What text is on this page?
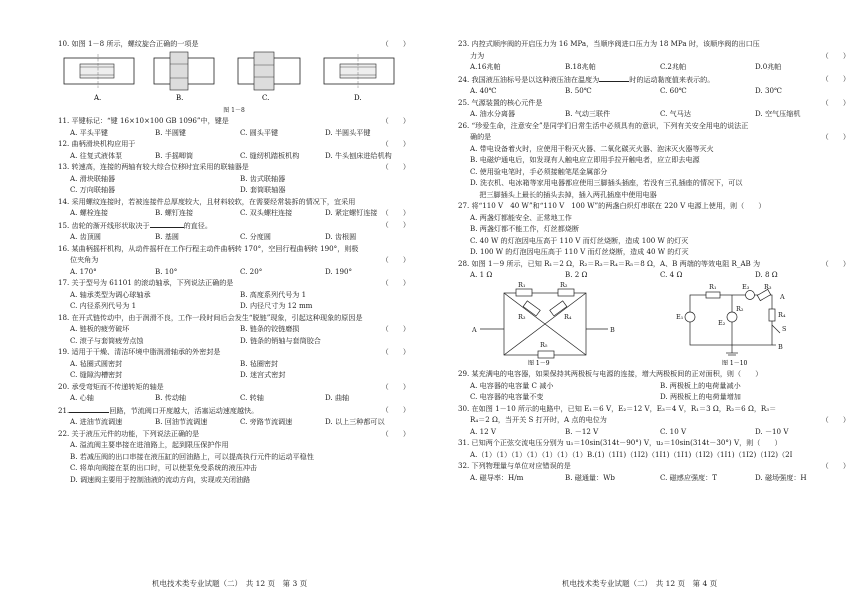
10. 如图 1－8 所示，螺纹旋合正确的一项是	（　　）
A.	B.	C.	D.
图 1－8
11. 平键标记：“键 16×10×100 GB 1096”中，键是	（　　）
A. 平头平键	B. 半圆键	C. 圆头平键	D. 半圆头平键
12. 曲柄滑块机构应用于	（　　）
A. 往复式液体泵	B. 手摇唧筒	C. 缝纫机踏板机构	D. 牛头刨床进给机构
13. 转速高，连接的两轴有较大综合位移时宜采用的联轴器是	（　　）
A. 滑块联轴器	B. 齿式联轴器
C. 万向联轴器	D. 套筒联轴器
14. 采用螺纹连接时，若被连接件总厚度较大，且材料较软，在需要经常装拆的情况下，宜采用
（　　）
A. 螺栓连接	B. 螺钉连接	C. 双头螺柱连接	D. 紧定螺钉连接
15. 齿轮的渐开线形状取决于	的直径。	（　　）
A. 齿顶圆	B. 基圆	C. 分度圆	D. 齿根圆
16. 某曲柄摇杆机构，从动件摇杆在工作行程主动件曲柄转 170°，空回行程曲柄转 190°，则极
位夹角为	（　　）
A. 170°	B. 10°	C. 20°	D. 190°
17. 关于型号为 61101 的滚动轴承，下列说法正确的是	（　　）
A. 轴承类型为调心球轴承	B. 高度系列代号为 1
C. 内径系列代号为 1	D. 内径尺寸为 12 mm
18. 在开式链传动中，由于润滑不良，工作一段时间后会发生“脱链”现象，引起这种现象的原因是
（　　）
A. 链板的疲劳破坏	B. 链条的铰链磨损
C. 滚子与套筒疲劳点蚀	D. 链条的销轴与套筒胶合
19. 适用于干燥、清洁环境中脂润滑轴承的外密封是	（　　）
A. 毡圈式圆密封	B. 毡圈密封
C. 缝隙沟槽密封	D. 迷宫式密封
20. 承受弯矩而不传递转矩的轴是	（　　）
A. 心轴	B. 传动轴	C. 转轴	D. 曲轴
21.	回路，节流阀口开度越大，活塞运动速度越快。	（　　）
A. 进油节流调速	B. 回油节流调速	C. 旁路节流调速	D. 以上三种都可以
22. 关于液压元件的功能，下列说法正确的是	（　　）
A. 溢流阀主要串接在进油路上，起到限压保护作用
B. 若减压阀的出口串接在液压缸的回油路上，可以提高执行元件的运动平稳性
C. 将单向阀接在泵的出口时，可以使泵免受系统的液压冲击
D. 调速阀主要用于控制油液的流动方向，实现或关闭油路
机电技术类专业试题（二）　共 12 页　第 3 页
23. 内控式顺序阀的开启压力为 16 MPa，当顺序阀进口压力为 18 MPa 时，该顺序阀的出口压
力为	（　　）
A.16兆帕	B.18兆帕	C.2兆帕	D.0兆帕
24. 我国液压油标号是以这种液压油在温度为	时的运动黏度值来表示的。	（　　）
A. 40℃	B. 50℃	C. 60℃	D. 30℃
25. 气源装置的核心元件是	（　　）
A. 油水分离器	B. 气动三联件	C. 气马达	D. 空气压缩机
26. “珍爱生命，注意安全”是同学们日常生活中必须具有的意识，下列有关安全用电的说法正
确的是	（　　）
A. 带电设备着火时，应使用干粉灭火器、二氧化碳灭火器、泡沫灭火器等灭火
B. 电磁炉通电后，如发现有人触电应立即用手拉开触电者，应立即去电源
C. 使用验电笔时，手必须接触笔尾金属部分
D. 洗衣机、电冰箱等家用电器都应使用三脚插头插座，若没有三孔插座的情况下，可以
　 把三脚插头上最长的插头去掉，插入两孔插座中使用电器
27. 将“110 V　40 W”和“110 V　100 W”的两盏白炽灯串联在 220 V 电源上使用，则（　　）
A. 两盏灯都能安全、正常地工作
B. 两盏灯都不能工作，灯丝都烧断
C. 40 W 的灯泡因电压高于 110 V 而灯丝烧断，造成 100 W 的灯灭
D. 100 W 的灯泡因电压高于 110 V 而灯丝烧断，造成 40 W 的灯灭
28. 如图 1－9 所示，已知 R₁＝2 Ω，R₂＝R₃＝R₄＝R₅＝8 Ω，A、B 两端的等效电阻 R_AB 为	（　　）
A. 1 Ω	B. 2 Ω	C. 4 Ω	D. 8 Ω
R₁	R₂
R₃	R₄
R₅
A	B
E₁
E₂
E₃
R₁
R₂
R₃
R₄
A
S
B
图 1－9	图 1－10
29. 某充满电的电容器，如果保持其两极板与电源的连接，增大两极板间的正对面积，则（　　）
A. 电容器的电容量 C 减小	B. 两极板上的电荷量减小
C. 电容器的电容量不变	D. 两极板上的电荷量增加
30. 在如图 1－10 所示的电路中，已知 E₁＝6 V，E₂＝12 V，E₃＝4 V，R₁＝3 Ω，R₂＝6 Ω，R₃＝
R₄＝2 Ω，当开关 S 打开时，A 点的电位为	（　　）
A. 12 V	B. －12 V	C. 10 V	D. －10 V
31. 已知两个正弦交流电压分别为 u₁＝10sin(314t－90°) V，u₂＝10sin(314t－30°) V，则（　　）
A.（1）（1）（1）（1）（1）（1）（1）B.(1)（1I1)（1I2)（1I1)（1I1)（1I2)（1I1)（1I2)（1I2)（2I
32. 下列物理量与单位对应错误的是	（　　）
A. 磁导率：H/m	B. 磁通量：Wb	C. 磁感应强度：T	D. 磁场强度：H
机电技术类专业试题（二）　共 12 页　第 4 页
